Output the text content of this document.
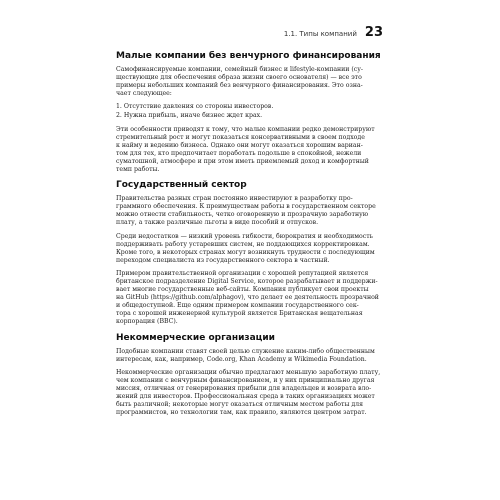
1.1. Типы компаний 23
Малые компании без венчурного финансирования

Самофинансируемые компании, семейный бизнес и lifestyle-компании (су-
ществующие для обеспечения образа жизни своего основателя) — все это
примеры небольших компаний без венчурного финансирования. Это озна-
чает следующее:

1. Отсутствие давления со стороны инвесторов.
2. Нужна прибыль, иначе бизнес ждет крах.

Эти особенности приводят к тому, что малые компании редко демонстрируют
стремительный рост и могут показаться консервативными в своем подходе
к найму и ведению бизнеса. Однако они могут оказаться хорошим вариан-
том для тех, кто предпочитает поработать подольше в спокойной, нежели
суматошной, атмосфере и при этом иметь приемлемый доход и комфортный
темп работы.

Государственный сектор

Правительства разных стран постоянно инвестируют в разработку про-
граммного обеспечения. К преимуществам работы в государственном секторе
можно отнести стабильность, четко оговоренную и прозрачную заработную
плату, а также различные льготы в виде пособий и отпусков.

Среди недостатков — низкий уровень гибкости, бюрократия и необходимость
поддерживать работу устаревших систем, не поддающихся корректировкам.
Кроме того, в некоторых странах могут возникнуть трудности с последующим
переходом специалиста из государственного сектора в частный.

Примером правительственной организации с хорошей репутацией является
британское подразделение Digital Service, которое разрабатывает и поддержи-
вает многие государственные веб-сайты. Компания публикует свои проекты
на GitHub (https://github.com/alphagov), что делает ее деятельность прозрачной
и общедоступной. Еще одним примером компании государственного сек-
тора с хорошей инженерной культурой является Британская вещательная
корпорация (BBC).

Некоммерческие организации

Подобные компании ставят своей целью служение каким-либо общественным
интересам, как, например, Code.org, Khan Academy и Wikimedia Foundation.

Некоммерческие организации обычно предлагают меньшую заработную плату,
чем компании с венчурным финансированием, и у них принципиально другая
миссия, отличная от генерирования прибыли для владельцев и возврата вло-
жений для инвесторов. Профессиональная среда в таких организациях может
быть различной; некоторые могут оказаться отличным местом работы для
программистов, но технологии там, как правило, являются центром затрат.
